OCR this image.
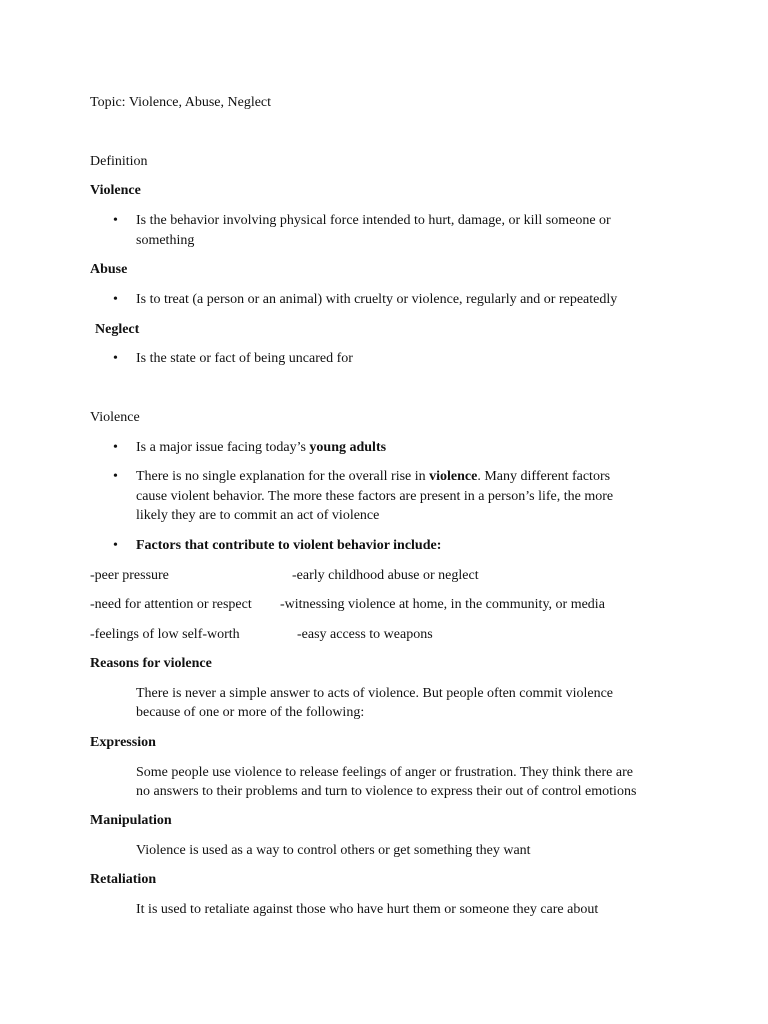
Topic: Violence, Abuse, Neglect
Definition
Violence
• Is the behavior involving physical force intended to hurt, damage, or kill someone or
something
Abuse
• Is to treat (a person or an animal) with cruelty or violence, regularly and or repeatedly
Neglect
• Is the state or fact of being uncared for
Violence
• Is a major issue facing today’s young adults
• There is no single explanation for the overall rise in violence. Many different factors
cause violent behavior. The more these factors are present in a person’s life, the more
likely they are to commit an act of violence
• Factors that contribute to violent behavior include:
-peer pressure	-early childhood abuse or neglect
-need for attention or respect -witnessing violence at home, in the community, or media
-feelings of low self-worth	-easy access to weapons
Reasons for violence
There is never a simple answer to acts of violence. But people often commit violence
because of one or more of the following:
Expression
Some people use violence to release feelings of anger or frustration. They think there are
no answers to their problems and turn to violence to express their out of control emotions
Manipulation
Violence is used as a way to control others or get something they want
Retaliation
It is used to retaliate against those who have hurt them or someone they care about
